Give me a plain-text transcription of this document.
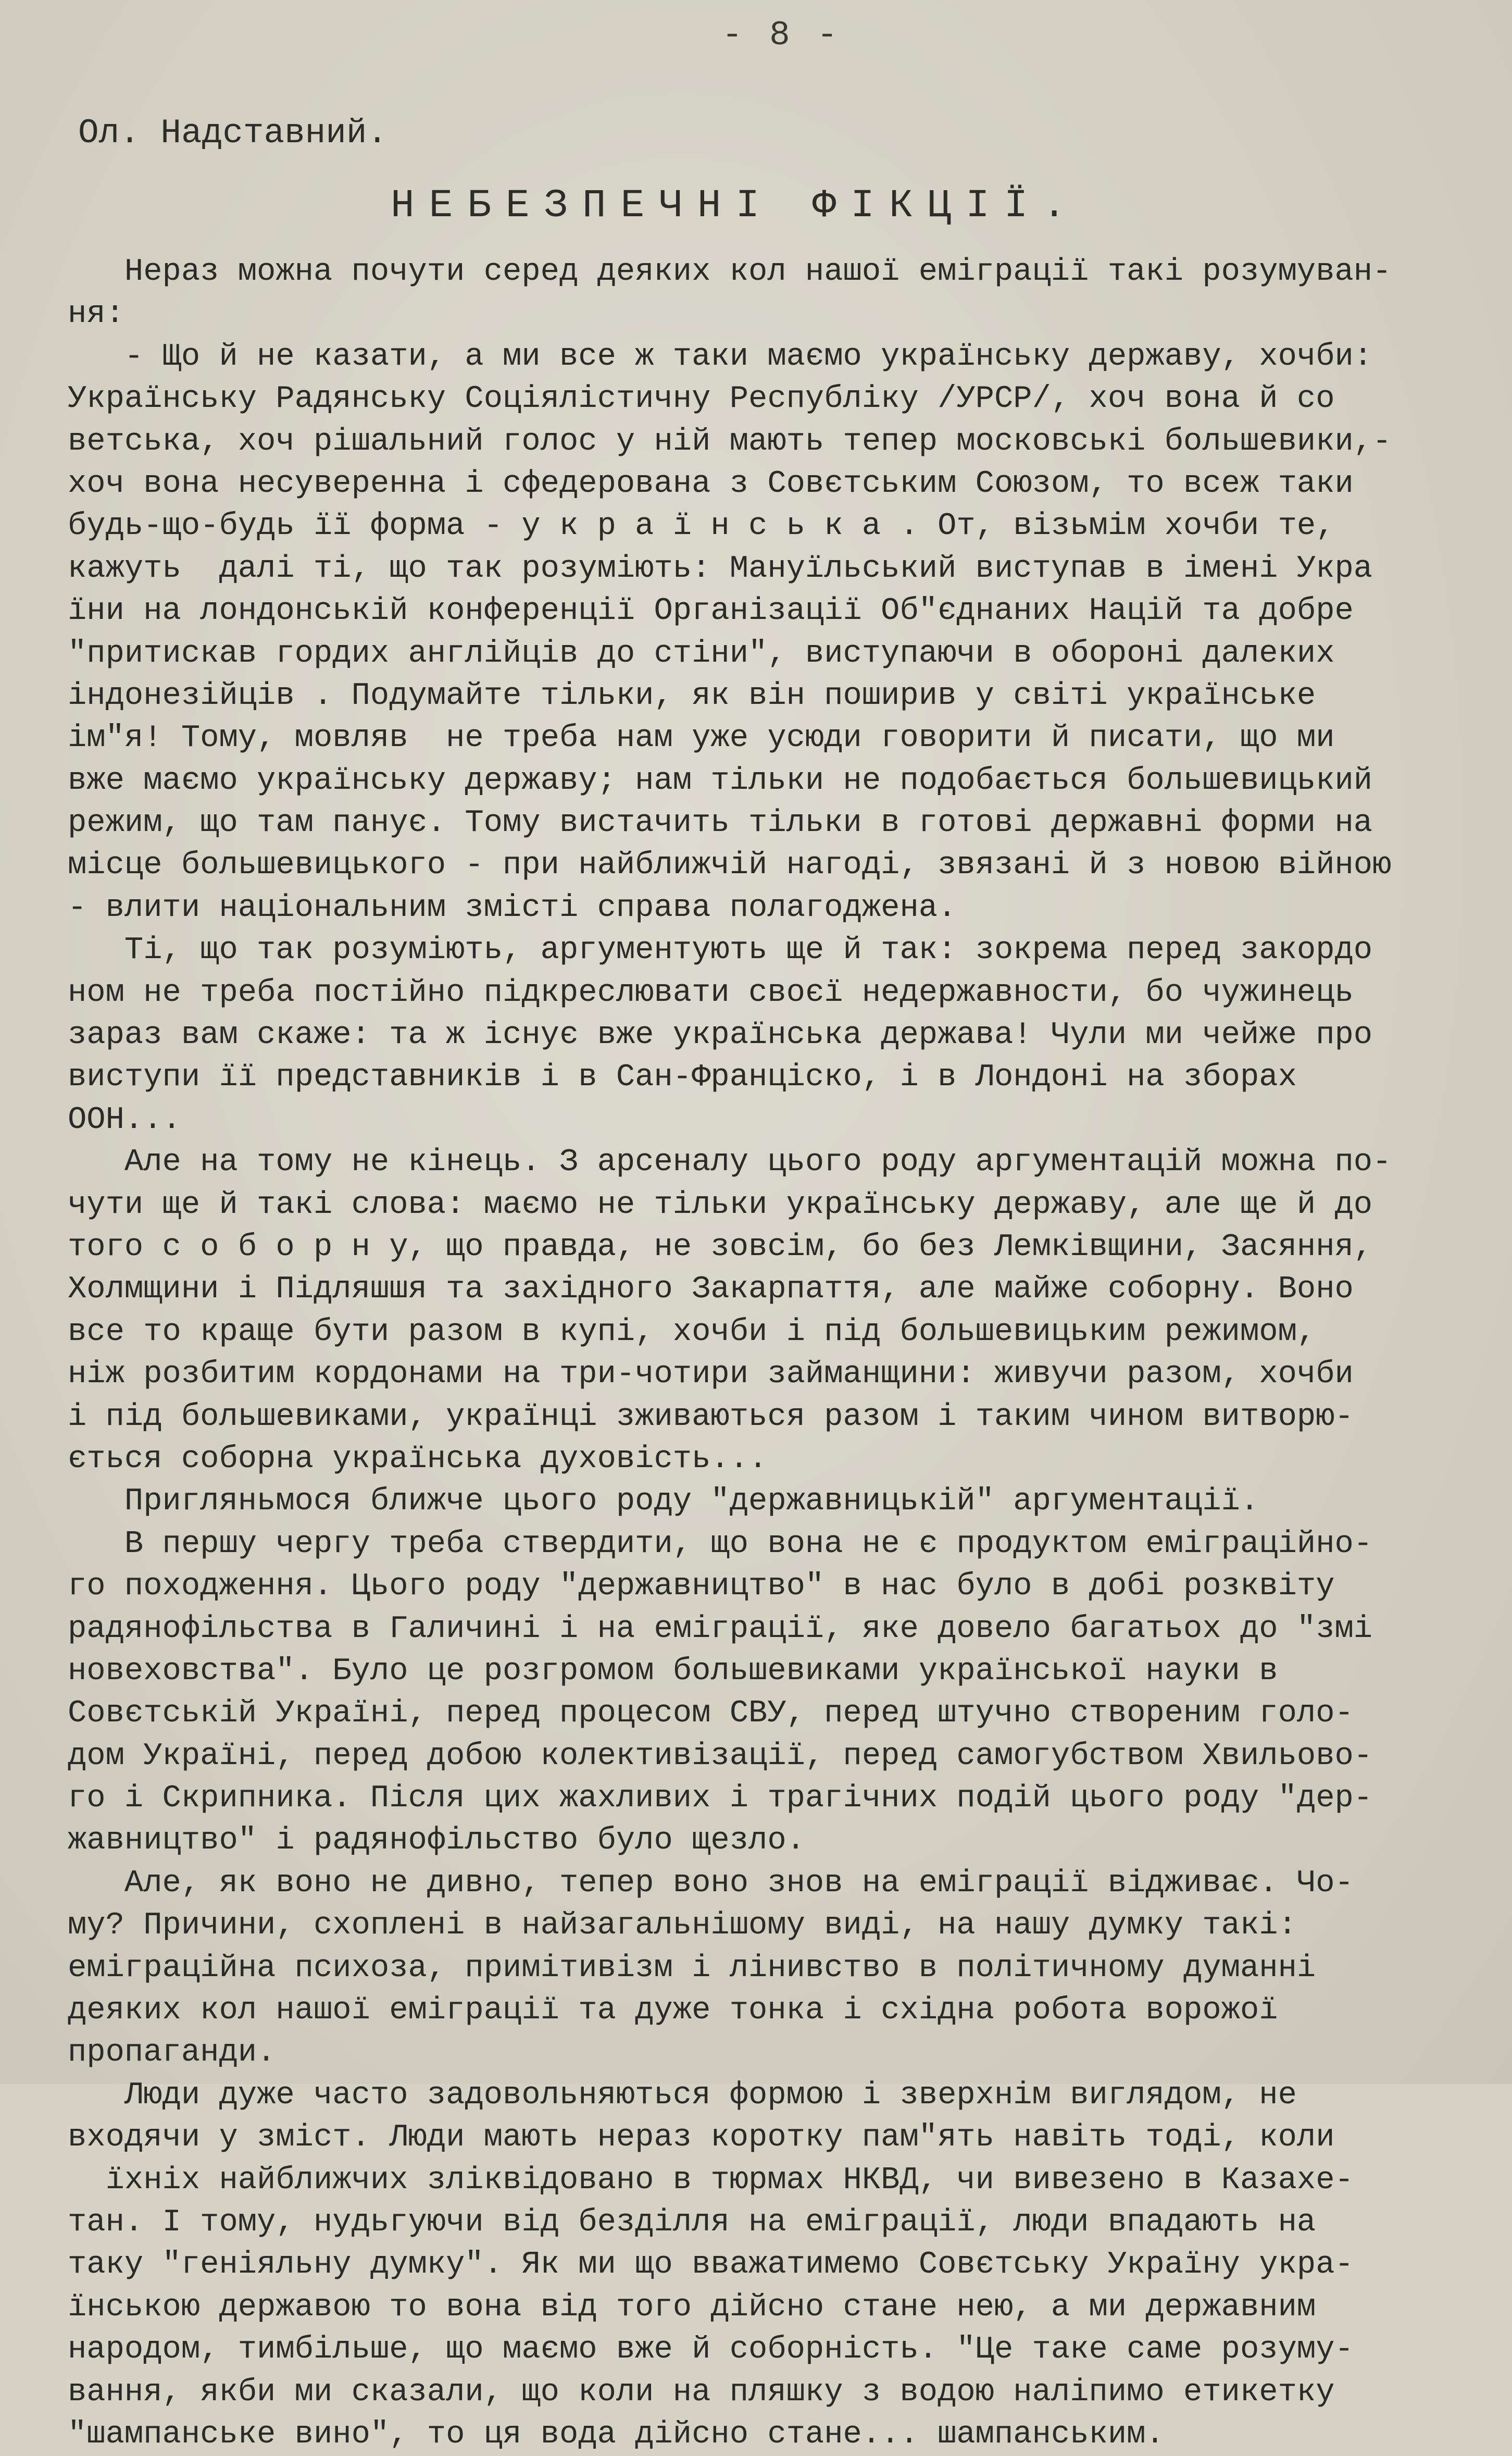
- 8 -
Ол. Надставний.
НЕБЕЗПЕЧНІ ФІКЦІЇ.
Нераз можна почути серед деяких кол нашої еміграції такі розумуван-
ня:
- Що й не казати, а ми все ж таки маємо українську державу, хочби:
Українську Радянську Соціялістичну Республіку /УРСР/, хоч вона й со
ветська, хоч рішальний голос у ній мають тепер московські большевики,-
хоч вона несуверенна і сфедерована з Совєтським Союзом, то всеж таки
будь-що-будь її форма - у к р а ї н с ь к а . От, візьмім хочби те,
кажуть  далі ті, що так розуміють: Мануїльський виступав в імені Укра
їни на лондонській конференції Організації Об"єднаних Націй та добре
"притискав гордих англійців до стіни", виступаючи в обороні далеких
індонезійців . Подумайте тільки, як він поширив у світі українське
ім"я! Тому, мовляв  не треба нам уже усюди говорити й писати, що ми
вже маємо українську державу; нам тільки не подобається большевицький
режим, що там панує. Тому вистачить тільки в готові державні форми на
місце большевицького - при найближчій нагоді, звязані й з новою війною
- влити національним змісті справа полагоджена.
Ті, що так розуміють, аргументують ще й так: зокрема перед закордо
ном не треба постійно підкреслювати своєї недержавности, бо чужинець
зараз вам скаже: та ж існує вже українська держава! Чули ми чейже про
виступи її представників і в Сан-Франціско, і в Лондоні на зборах
ООН...
Але на тому не кінець. З арсеналу цього роду аргументацій можна по-
чути ще й такі слова: маємо не тільки українську державу, але ще й до
того с о б о р н у, що правда, не зовсім, бо без Лемківщини, Засяння,
Холмщини і Підляшшя та західного Закарпаття, але майже соборну. Воно
все то краще бути разом в купі, хочби і під большевицьким режимом,
ніж розбитим кордонами на три-чотири займанщини: живучи разом, хочби
і під большевиками, українці зживаються разом і таким чином витворю-
ється соборна українська духовість...
Пригляньмося ближче цього роду "державницькій" аргументації.
В першу чергу треба ствердити, що вона не є продуктом еміграційно-
го походження. Цього роду "державництво" в нас було в добі розквіту
радянофільства в Галичині і на еміграції, яке довело багатьох до "змі
новеховства". Було це розгромом большевиками української науки в
Совєтській Україні, перед процесом СВУ, перед штучно створеним голо-
дом Україні, перед добою колективізації, перед самогубством Хвильово-
го і Скрипника. Після цих жахливих і трагічних подій цього роду "дер-
жавництво" і радянофільство було щезло.
Але, як воно не дивно, тепер воно знов на еміграції відживає. Чо-
му? Причини, схоплені в найзагальнішому виді, на нашу думку такі:
еміграційна психоза, примітивізм і лінивство в політичному думанні
деяких кол нашої еміграції та дуже тонка і східна робота ворожої
пропаганди.
Люди дуже часто задовольняються формою і зверхнім виглядом, не
входячи у зміст. Люди мають нераз коротку пам"ять навіть тоді, коли
їхніх найближчих зліквідовано в тюрмах НКВД, чи вивезено в Казахе-
тан. І тому, нудьгуючи від безділля на еміграції, люди впадають на
таку "геніяльну думку". Як ми що вважатимемо Совєтську Україну укра-
їнською державою то вона від того дійсно стане нею, а ми державним
народом, тимбільше, що маємо вже й соборність. "Це таке саме розуму-
вання, якби ми сказали, що коли на пляшку з водою наліпимо етикетку
"шампанське вино", то ця вода дійсно стане... шампанським.
